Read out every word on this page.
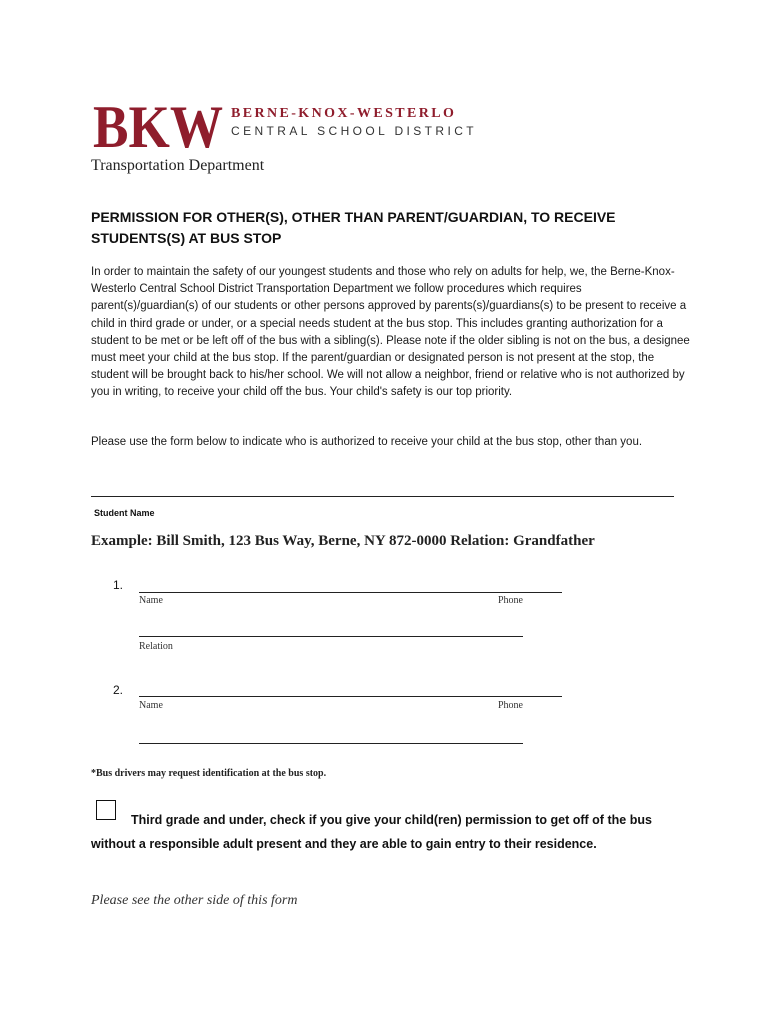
BKW BERNE-KNOX-WESTERLO
CENTRAL SCHOOL DISTRICT
Transportation Department
PERMISSION FOR OTHER(S), OTHER THAN PARENT/GUARDIAN, TO RECEIVE STUDENTS(S) AT BUS STOP
In order to maintain the safety of our youngest students and those who rely on adults for help, we, the Berne-Knox-Westerlo Central School District Transportation Department we follow procedures which requires parent(s)/guardian(s) of our students or other persons approved by parents(s)/guardians(s) to be present to receive a child in third grade or under, or a special needs student at the bus stop. This includes granting authorization for a student to be met or be left off of the bus with a sibling(s). Please note if the older sibling is not on the bus, a designee must meet your child at the bus stop. If the parent/guardian or designated person is not present at the stop, the student will be brought back to his/her school. We will not allow a neighbor, friend or relative who is not authorized by you in writing, to receive your child off the bus. Your child's safety is our top priority.
Please use the form below to indicate who is authorized to receive your child at the bus stop, other than you.
Student Name
Example: Bill Smith, 123 Bus Way, Berne, NY 872-0000 Relation: Grandfather
1.
Name	Phone
Relation
2.
Name	Phone
*Bus drivers may request identification at the bus stop.
Third grade and under, check if you give your child(ren) permission to get off of the bus without a responsible adult present and they are able to gain entry to their residence.
Please see the other side of this form
